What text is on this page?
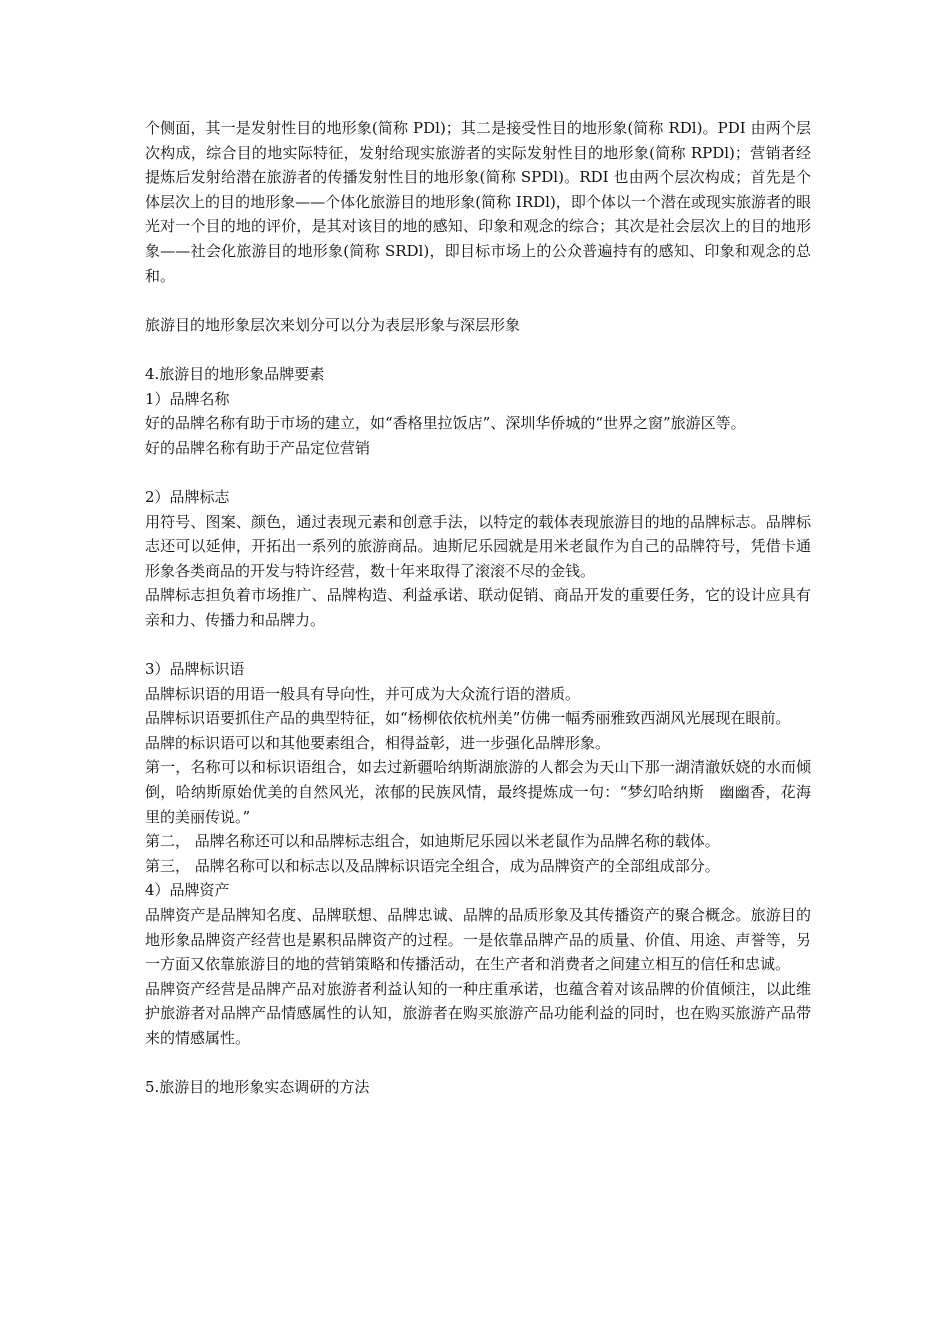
个侧面，其一是发射性目的地形象(简称 PDl)；其二是接受性目的地形象(简称 RDl)。PDI 由两个层次构成，综合目的地实际特征，发射给现实旅游者的实际发射性目的地形象(简称 RPDl)；营销者经提炼后发射给潜在旅游者的传播发射性目的地形象(简称 SPDl)。RDI 也由两个层次构成；首先是个体层次上的目的地形象——个体化旅游目的地形象(简称 IRDl)，即个体以一个潜在或现实旅游者的眼光对一个目的地的评价，是其对该目的地的感知、印象和观念的综合；其次是社会层次上的目的地形象——社会化旅游目的地形象(简称 SRDl)，即目标市场上的公众普遍持有的感知、印象和观念的总和。

旅游目的地形象层次来划分可以分为表层形象与深层形象

4.旅游目的地形象品牌要素

1）品牌名称

好的品牌名称有助于市场的建立，如“香格里拉饭店”、深圳华侨城的“世界之窗”旅游区等。

好的品牌名称有助于产品定位营销

2）品牌标志

用符号、图案、颜色，通过表现元素和创意手法，以特定的载体表现旅游目的地的品牌标志。品牌标志还可以延伸，开拓出一系列的旅游商品。迪斯尼乐园就是用米老鼠作为自己的品牌符号，凭借卡通形象各类商品的开发与特许经营，数十年来取得了滚滚不尽的金钱。

品牌标志担负着市场推广、品牌构造、利益承诺、联动促销、商品开发的重要任务，它的设计应具有亲和力、传播力和品牌力。

3）品牌标识语

品牌标识语的用语一般具有导向性，并可成为大众流行语的潜质。

品牌标识语要抓住产品的典型特征，如“杨柳依依杭州美”仿佛一幅秀丽雅致西湖风光展现在眼前。

品牌的标识语可以和其他要素组合，相得益彰，进一步强化品牌形象。

第一，名称可以和标识语组合，如去过新疆哈纳斯湖旅游的人都会为天山下那一湖清澈妖娆的水而倾倒，哈纳斯原始优美的自然风光，浓郁的民族风情，最终提炼成一句：“梦幻哈纳斯　幽幽香，花海里的美丽传说。”

第二， 品牌名称还可以和品牌标志组合，如迪斯尼乐园以米老鼠作为品牌名称的载体。

第三， 品牌名称可以和标志以及品牌标识语完全组合，成为品牌资产的全部组成部分。

4）品牌资产

品牌资产是品牌知名度、品牌联想、品牌忠诚、品牌的品质形象及其传播资产的聚合概念。旅游目的地形象品牌资产经营也是累积品牌资产的过程。一是依靠品牌产品的质量、价值、用途、声誉等，另一方面又依靠旅游目的地的营销策略和传播活动，在生产者和消费者之间建立相互的信任和忠诚。

品牌资产经营是品牌产品对旅游者利益认知的一种庄重承诺，也蕴含着对该品牌的价值倾注，以此维护旅游者对品牌产品情感属性的认知，旅游者在购买旅游产品功能利益的同时，也在购买旅游产品带来的情感属性。

5.旅游目的地形象实态调研的方法
